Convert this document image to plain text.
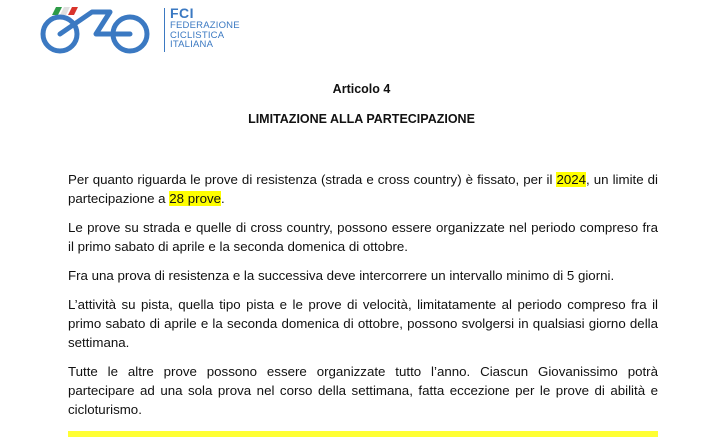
FCI
FEDERAZIONE
CICLISTICA
ITALIANA
Articolo 4
LIMITAZIONE ALLA PARTECIPAZIONE

Per quanto riguarda le prove di resistenza (strada e cross country) è fissato, per il 2024, un limite di partecipazione a 28 prove.

Le prove su strada e quelle di cross country, possono essere organizzate nel periodo compreso fra il primo sabato di aprile e la seconda domenica di ottobre.

Fra una prova di resistenza e la successiva deve intercorrere un intervallo minimo di 5 giorni.

L’attività su pista, quella tipo pista e le prove di velocità, limitatamente al periodo compreso fra il primo sabato di aprile e la seconda domenica di ottobre, possono svolgersi in qualsiasi giorno della settimana.

Tutte le altre prove possono essere organizzate tutto l’anno. Ciascun Giovanissimo potrà partecipare ad una sola prova nel corso della settimana, fatta eccezione per le prove di abilità e cicloturismo.
